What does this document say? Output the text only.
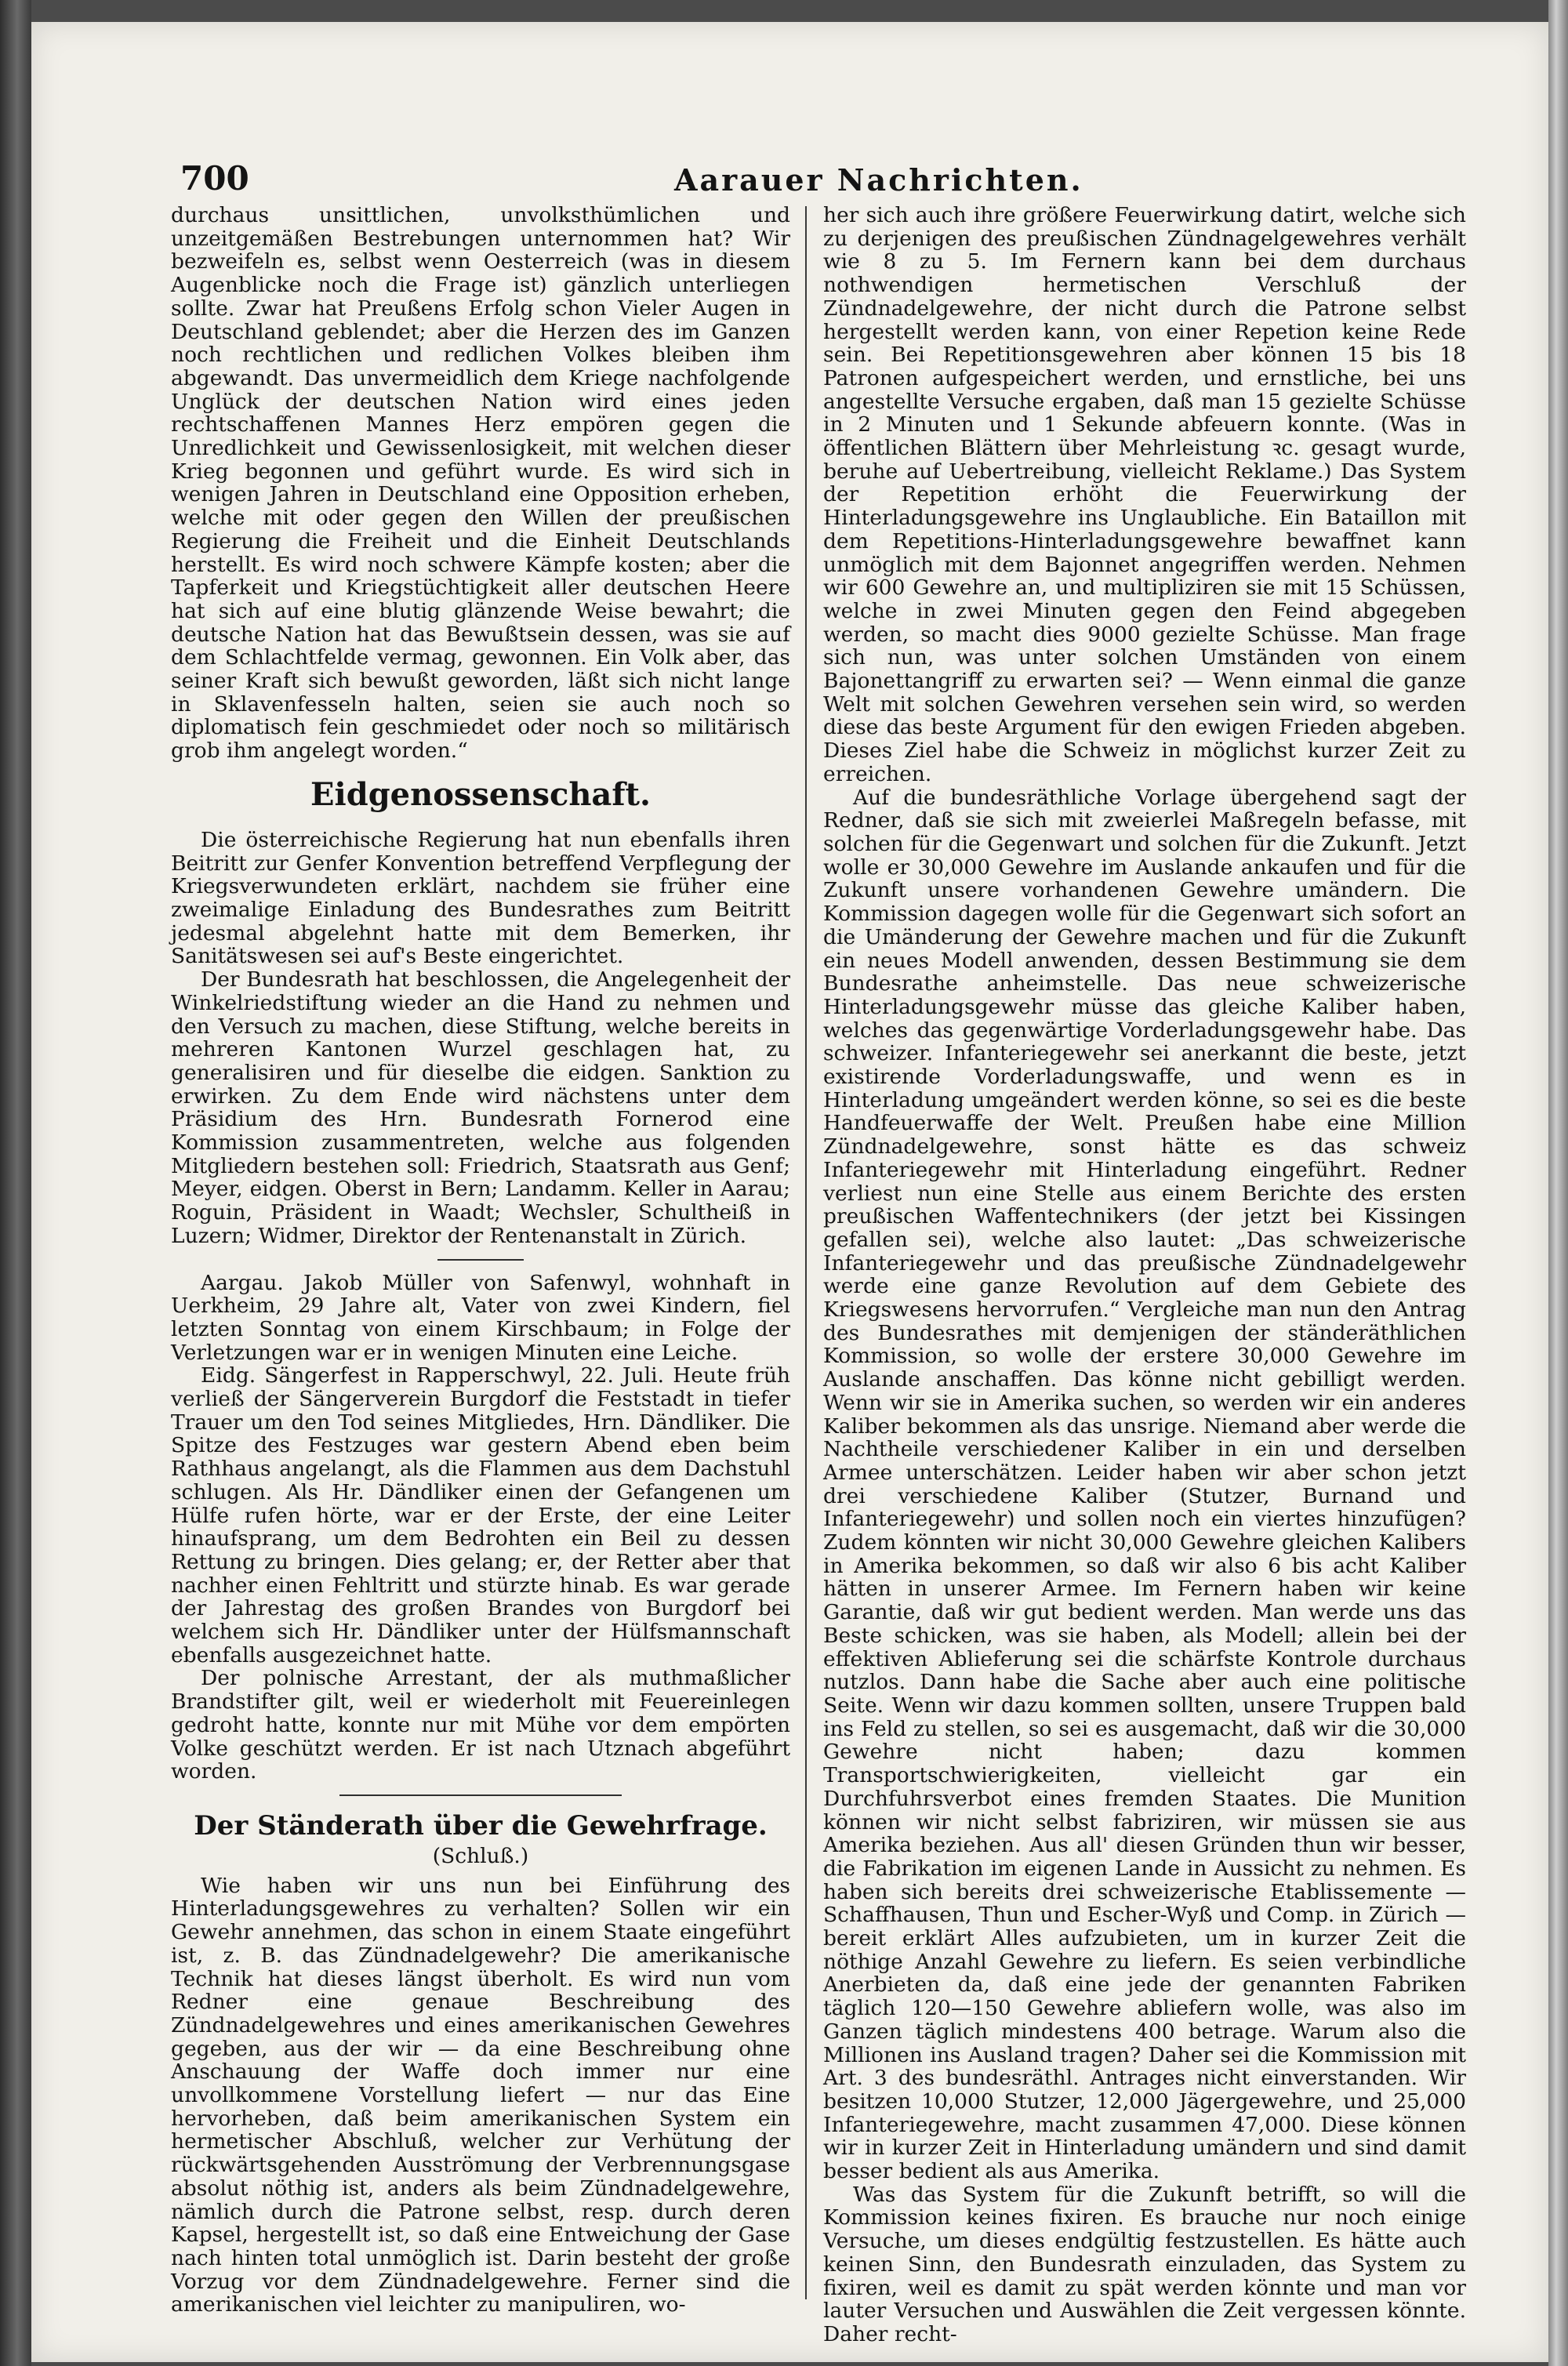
700	Aarauer Nachrichten.

durchaus unsittlichen, unvolksthümlichen und unzeitgemäßen Bestrebungen unternommen hat? Wir bezweifeln es, selbst wenn Oesterreich (was in diesem Augenblicke noch die Frage ist) gänzlich unterliegen sollte. Zwar hat Preußens Erfolg schon Vieler Augen in Deutschland geblendet; aber die Herzen des im Ganzen noch rechtlichen und redlichen Volkes bleiben ihm abgewandt. Das unvermeidlich dem Kriege nachfolgende Unglück der deutschen Nation wird eines jeden rechtschaffenen Mannes Herz empören gegen die Unredlichkeit und Gewissenlosigkeit, mit welchen dieser Krieg begonnen und geführt wurde. Es wird sich in wenigen Jahren in Deutschland eine Opposition erheben, welche mit oder gegen den Willen der preußischen Regierung die Freiheit und die Einheit Deutschlands herstellt. Es wird noch schwere Kämpfe kosten; aber die Tapferkeit und Kriegstüchtigkeit aller deutschen Heere hat sich auf eine blutig glänzende Weise bewahrt; die deutsche Nation hat das Bewußtsein dessen, was sie auf dem Schlachtfelde vermag, gewonnen. Ein Volk aber, das seiner Kraft sich bewußt geworden, läßt sich nicht lange in Sklavenfesseln halten, seien sie auch noch so diplomatisch fein geschmiedet oder noch so militärisch grob ihm angelegt worden.“

Eidgenossenschaft.

Die österreichische Regierung hat nun ebenfalls ihren Beitritt zur Genfer Konvention betreffend Verpflegung der Kriegsverwundeten erklärt, nachdem sie früher eine zweimalige Einladung des Bundesrathes zum Beitritt jedesmal abgelehnt hatte mit dem Bemerken, ihr Sanitätswesen sei auf's Beste eingerichtet.

Der Bundesrath hat beschlossen, die Angelegenheit der Winkelriedstiftung wieder an die Hand zu nehmen und den Versuch zu machen, diese Stiftung, welche bereits in mehreren Kantonen Wurzel geschlagen hat, zu generalisiren und für dieselbe die eidgen. Sanktion zu erwirken. Zu dem Ende wird nächstens unter dem Präsidium des Hrn. Bundesrath Fornerod eine Kommission zusammentreten, welche aus folgenden Mitgliedern bestehen soll: Friedrich, Staatsrath aus Genf; Meyer, eidgen. Oberst in Bern; Landamm. Keller in Aarau; Roguin, Präsident in Waadt; Wechsler, Schultheiß in Luzern; Widmer, Direktor der Rentenanstalt in Zürich.

Aargau. Jakob Müller von Safenwyl, wohnhaft in Uerkheim, 29 Jahre alt, Vater von zwei Kindern, fiel letzten Sonntag von einem Kirschbaum; in Folge der Verletzungen war er in wenigen Minuten eine Leiche.

Eidg. Sängerfest in Rapperschwyl, 22. Juli. Heute früh verließ der Sängerverein Burgdorf die Feststadt in tiefer Trauer um den Tod seines Mitgliedes, Hrn. Dändliker. Die Spitze des Festzuges war gestern Abend eben beim Rathhaus angelangt, als die Flammen aus dem Dachstuhl schlugen. Als Hr. Dändliker einen der Gefangenen um Hülfe rufen hörte, war er der Erste, der eine Leiter hinaufsprang, um dem Bedrohten ein Beil zu dessen Rettung zu bringen. Dies gelang; er, der Retter aber that nachher einen Fehltritt und stürzte hinab. Es war gerade der Jahrestag des großen Brandes von Burgdorf bei welchem sich Hr. Dändliker unter der Hülfsmannschaft ebenfalls ausgezeichnet hatte.

Der polnische Arrestant, der als muthmaßlicher Brandstifter gilt, weil er wiederholt mit Feuereinlegen gedroht hatte, konnte nur mit Mühe vor dem empörten Volke geschützt werden. Er ist nach Utznach abgeführt worden.

Der Ständerath über die Gewehrfrage.
(Schluß.)

Wie haben wir uns nun bei Einführung des Hinterladungsgewehres zu verhalten? Sollen wir ein Gewehr annehmen, das schon in einem Staate eingeführt ist, z. B. das Zündnadelgewehr? Die amerikanische Technik hat dieses längst überholt. Es wird nun vom Redner eine genaue Beschreibung des Zündnadelgewehres und eines amerikanischen Gewehres gegeben, aus der wir — da eine Beschreibung ohne Anschauung der Waffe doch immer nur eine unvollkommene Vorstellung liefert — nur das Eine hervorheben, daß beim amerikanischen System ein hermetischer Abschluß, welcher zur Verhütung der rückwärtsgehenden Ausströmung der Verbrennungsgase absolut nöthig ist, anders als beim Zündnadelgewehre, nämlich durch die Patrone selbst, resp. durch deren Kapsel, hergestellt ist, so daß eine Entweichung der Gase nach hinten total unmöglich ist. Darin besteht der große Vorzug vor dem Zündnadelgewehre. Ferner sind die amerikanischen viel leichter zu manipuliren, wo-

her sich auch ihre größere Feuerwirkung datirt, welche sich zu derjenigen des preußischen Zündnagelgewehres verhält wie 8 zu 5. Im Fernern kann bei dem durchaus nothwendigen hermetischen Verschluß der Zündnadelgewehre, der nicht durch die Patrone selbst hergestellt werden kann, von einer Repetion keine Rede sein. Bei Repetitionsgewehren aber können 15 bis 18 Patronen aufgespeichert werden, und ernstliche, bei uns angestellte Versuche ergaben, daß man 15 gezielte Schüsse in 2 Minuten und 1 Sekunde abfeuern konnte. (Was in öffentlichen Blättern über Mehrleistung ꝛc. gesagt wurde, beruhe auf Uebertreibung, vielleicht Reklame.) Das System der Repetition erhöht die Feuerwirkung der Hinterladungsgewehre ins Unglaubliche. Ein Bataillon mit dem Repetitions-Hinterladungsgewehre bewaffnet kann unmöglich mit dem Bajonnet angegriffen werden. Nehmen wir 600 Gewehre an, und multipliziren sie mit 15 Schüssen, welche in zwei Minuten gegen den Feind abgegeben werden, so macht dies 9000 gezielte Schüsse. Man frage sich nun, was unter solchen Umständen von einem Bajonettangriff zu erwarten sei? — Wenn einmal die ganze Welt mit solchen Gewehren versehen sein wird, so werden diese das beste Argument für den ewigen Frieden abgeben. Dieses Ziel habe die Schweiz in möglichst kurzer Zeit zu erreichen.

Auf die bundesräthliche Vorlage übergehend sagt der Redner, daß sie sich mit zweierlei Maßregeln befasse, mit solchen für die Gegenwart und solchen für die Zukunft. Jetzt wolle er 30,000 Gewehre im Auslande ankaufen und für die Zukunft unsere vorhandenen Gewehre umändern. Die Kommission dagegen wolle für die Gegenwart sich sofort an die Umänderung der Gewehre machen und für die Zukunft ein neues Modell anwenden, dessen Bestimmung sie dem Bundesrathe anheimstelle. Das neue schweizerische Hinterladungsgewehr müsse das gleiche Kaliber haben, welches das gegenwärtige Vorderladungsgewehr habe. Das schweizer. Infanteriegewehr sei anerkannt die beste, jetzt existirende Vorderladungswaffe, und wenn es in Hinterladung umgeändert werden könne, so sei es die beste Handfeuerwaffe der Welt. Preußen habe eine Million Zündnadelgewehre, sonst hätte es das schweiz Infanteriegewehr mit Hinterladung eingeführt. Redner verliest nun eine Stelle aus einem Berichte des ersten preußischen Waffentechnikers (der jetzt bei Kissingen gefallen sei), welche also lautet: „Das schweizerische Infanteriegewehr und das preußische Zündnadelgewehr werde eine ganze Revolution auf dem Gebiete des Kriegswesens hervorrufen.“ Vergleiche man nun den Antrag des Bundesrathes mit demjenigen der ständeräthlichen Kommission, so wolle der erstere 30,000 Gewehre im Auslande anschaffen. Das könne nicht gebilligt werden. Wenn wir sie in Amerika suchen, so werden wir ein anderes Kaliber bekommen als das unsrige. Niemand aber werde die Nachtheile verschiedener Kaliber in ein und derselben Armee unterschätzen. Leider haben wir aber schon jetzt drei verschiedene Kaliber (Stutzer, Burnand und Infanteriegewehr) und sollen noch ein viertes hinzufügen? Zudem könnten wir nicht 30,000 Gewehre gleichen Kalibers in Amerika bekommen, so daß wir also 6 bis acht Kaliber hätten in unserer Armee. Im Fernern haben wir keine Garantie, daß wir gut bedient werden. Man werde uns das Beste schicken, was sie haben, als Modell; allein bei der effektiven Ablieferung sei die schärfste Kontrole durchaus nutzlos. Dann habe die Sache aber auch eine politische Seite. Wenn wir dazu kommen sollten, unsere Truppen bald ins Feld zu stellen, so sei es ausgemacht, daß wir die 30,000 Gewehre nicht haben; dazu kommen Transportschwierigkeiten, vielleicht gar ein Durchfuhrsverbot eines fremden Staates. Die Munition können wir nicht selbst fabriziren, wir müssen sie aus Amerika beziehen. Aus all' diesen Gründen thun wir besser, die Fabrikation im eigenen Lande in Aussicht zu nehmen. Es haben sich bereits drei schweizerische Etablissemente — Schaffhausen, Thun und Escher-Wyß und Comp. in Zürich — bereit erklärt Alles aufzubieten, um in kurzer Zeit die nöthige Anzahl Gewehre zu liefern. Es seien verbindliche Anerbieten da, daß eine jede der genannten Fabriken täglich 120—150 Gewehre abliefern wolle, was also im Ganzen täglich mindestens 400 betrage. Warum also die Millionen ins Ausland tragen? Daher sei die Kommission mit Art. 3 des bundesräthl. Antrages nicht einverstanden. Wir besitzen 10,000 Stutzer, 12,000 Jägergewehre, und 25,000 Infanteriegewehre, macht zusammen 47,000. Diese können wir in kurzer Zeit in Hinterladung umändern und sind damit besser bedient als aus Amerika.

Was das System für die Zukunft betrifft, so will die Kommission keines fixiren. Es brauche nur noch einige Versuche, um dieses endgültig festzustellen. Es hätte auch keinen Sinn, den Bundesrath einzuladen, das System zu fixiren, weil es damit zu spät werden könnte und man vor lauter Versuchen und Auswählen die Zeit vergessen könnte. Daher recht-
